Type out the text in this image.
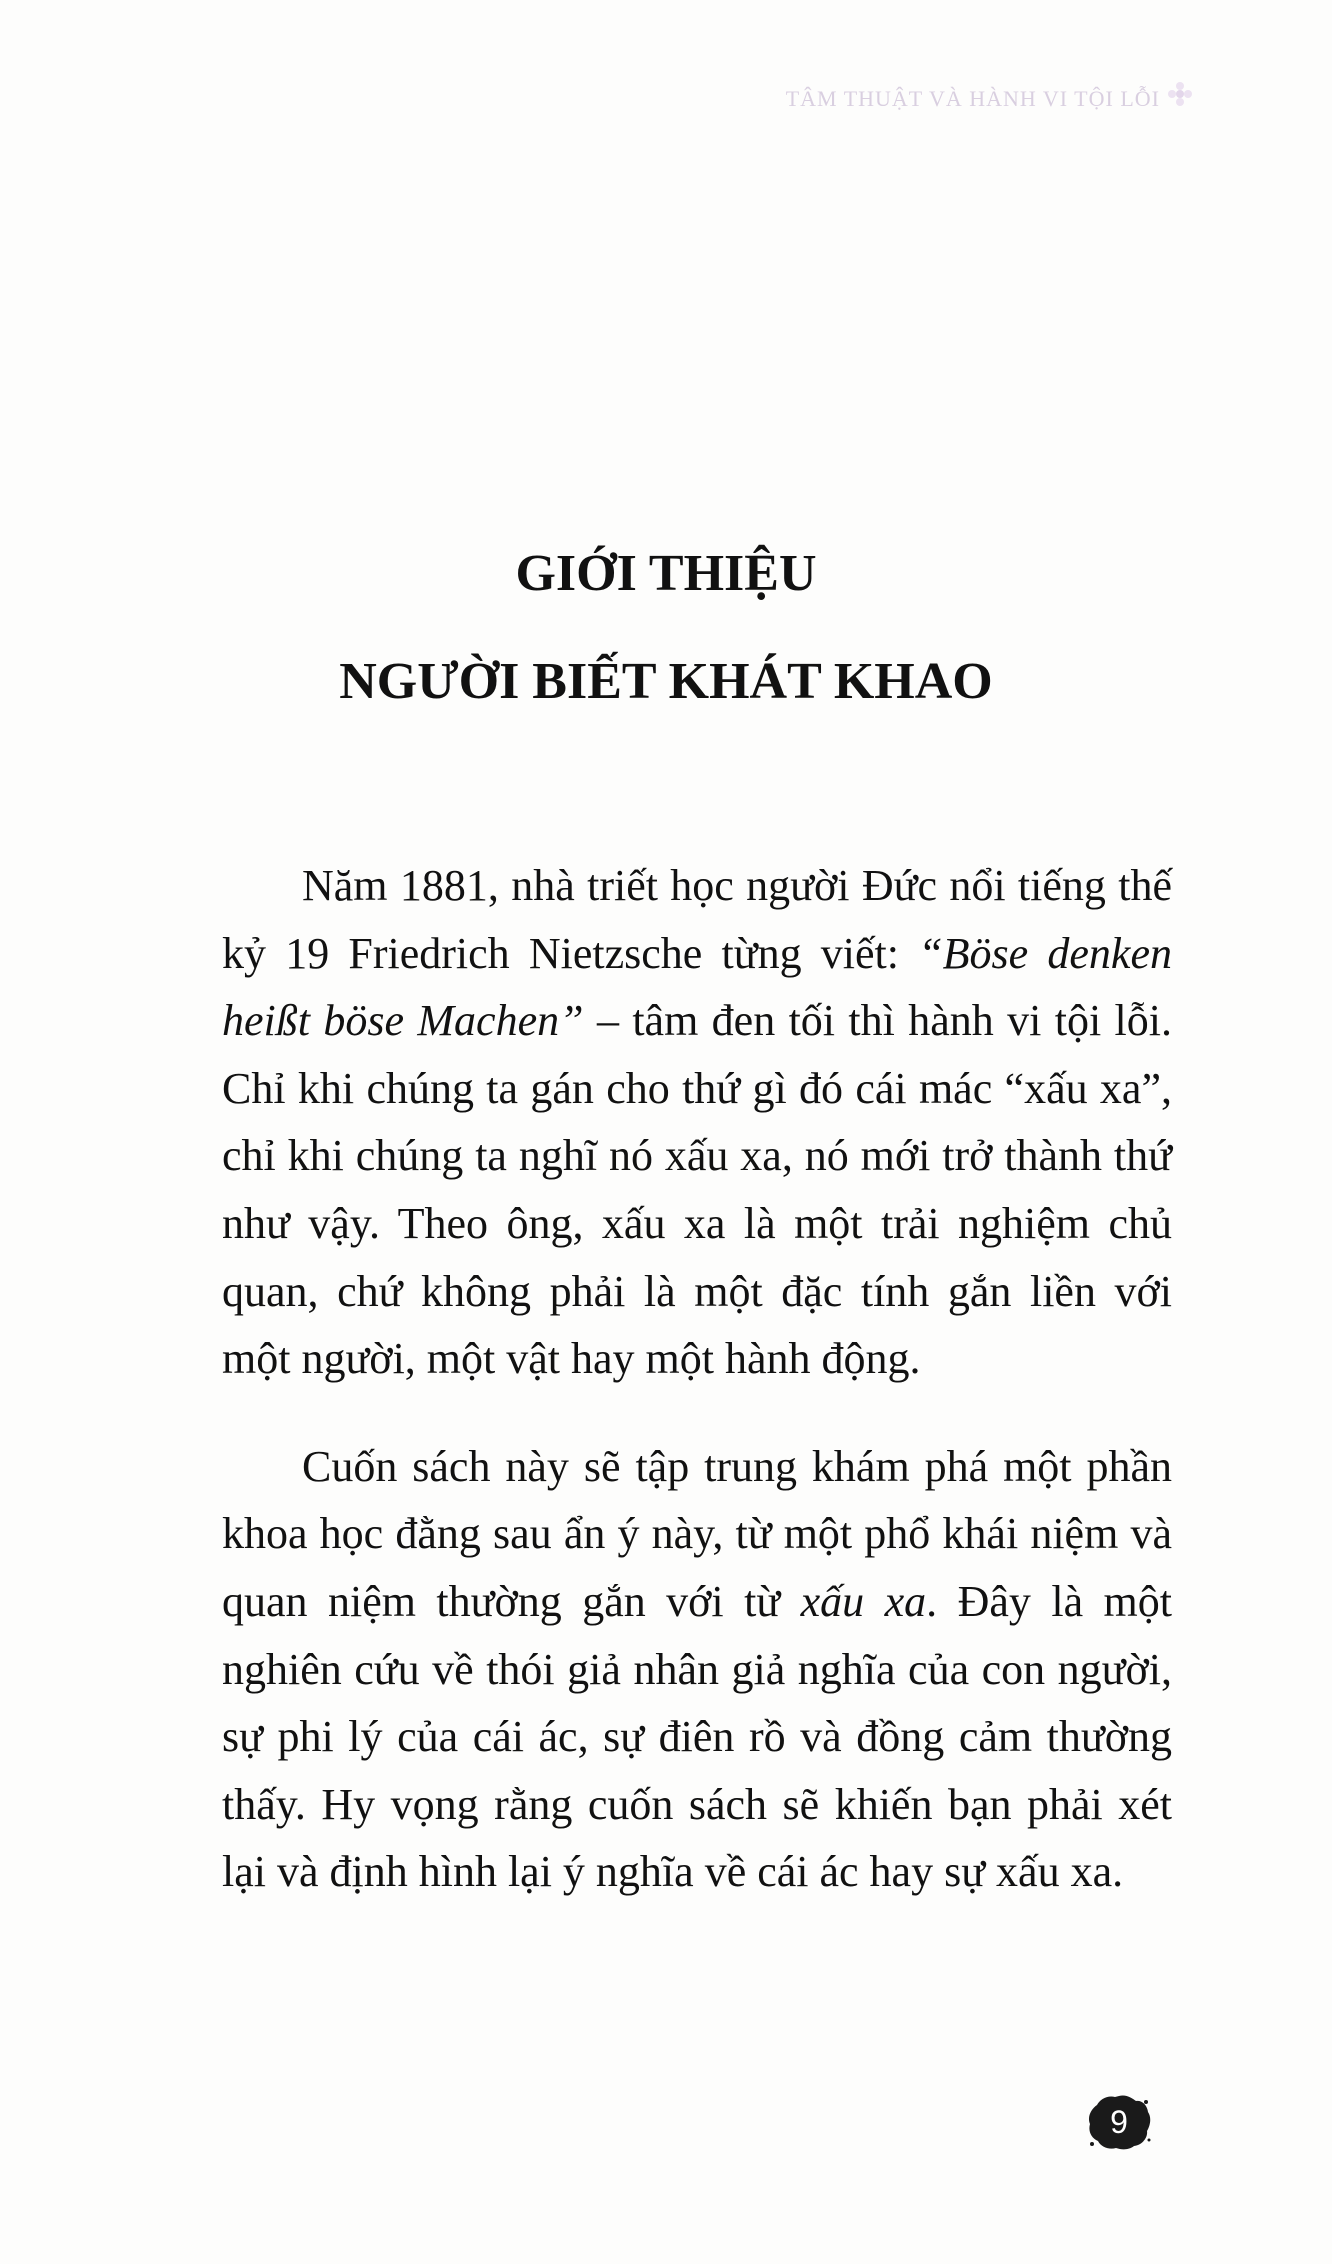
TÂM THUẬT VÀ HÀNH VI TỘI LỖI
GIỚI THIỆU
NGƯỜI BIẾT KHÁT KHAO

Năm 1881, nhà triết học người Đức nổi tiếng thế kỷ 19 Friedrich Nietzsche từng viết: “Böse denken heißt böse Machen” – tâm đen tối thì hành vi tội lỗi. Chỉ khi chúng ta gán cho thứ gì đó cái mác “xấu xa”, chỉ khi chúng ta nghĩ nó xấu xa, nó mới trở thành thứ như vậy. Theo ông, xấu xa là một trải nghiệm chủ quan, chứ không phải là một đặc tính gắn liền với một người, một vật hay một hành động.

Cuốn sách này sẽ tập trung khám phá một phần khoa học đằng sau ẩn ý này, từ một phổ khái niệm và quan niệm thường gắn với từ xấu xa. Đây là một nghiên cứu về thói giả nhân giả nghĩa của con người, sự phi lý của cái ác, sự điên rồ và đồng cảm thường thấy. Hy vọng rằng cuốn sách sẽ khiến bạn phải xét lại và định hình lại ý nghĩa về cái ác hay sự xấu xa.

9
